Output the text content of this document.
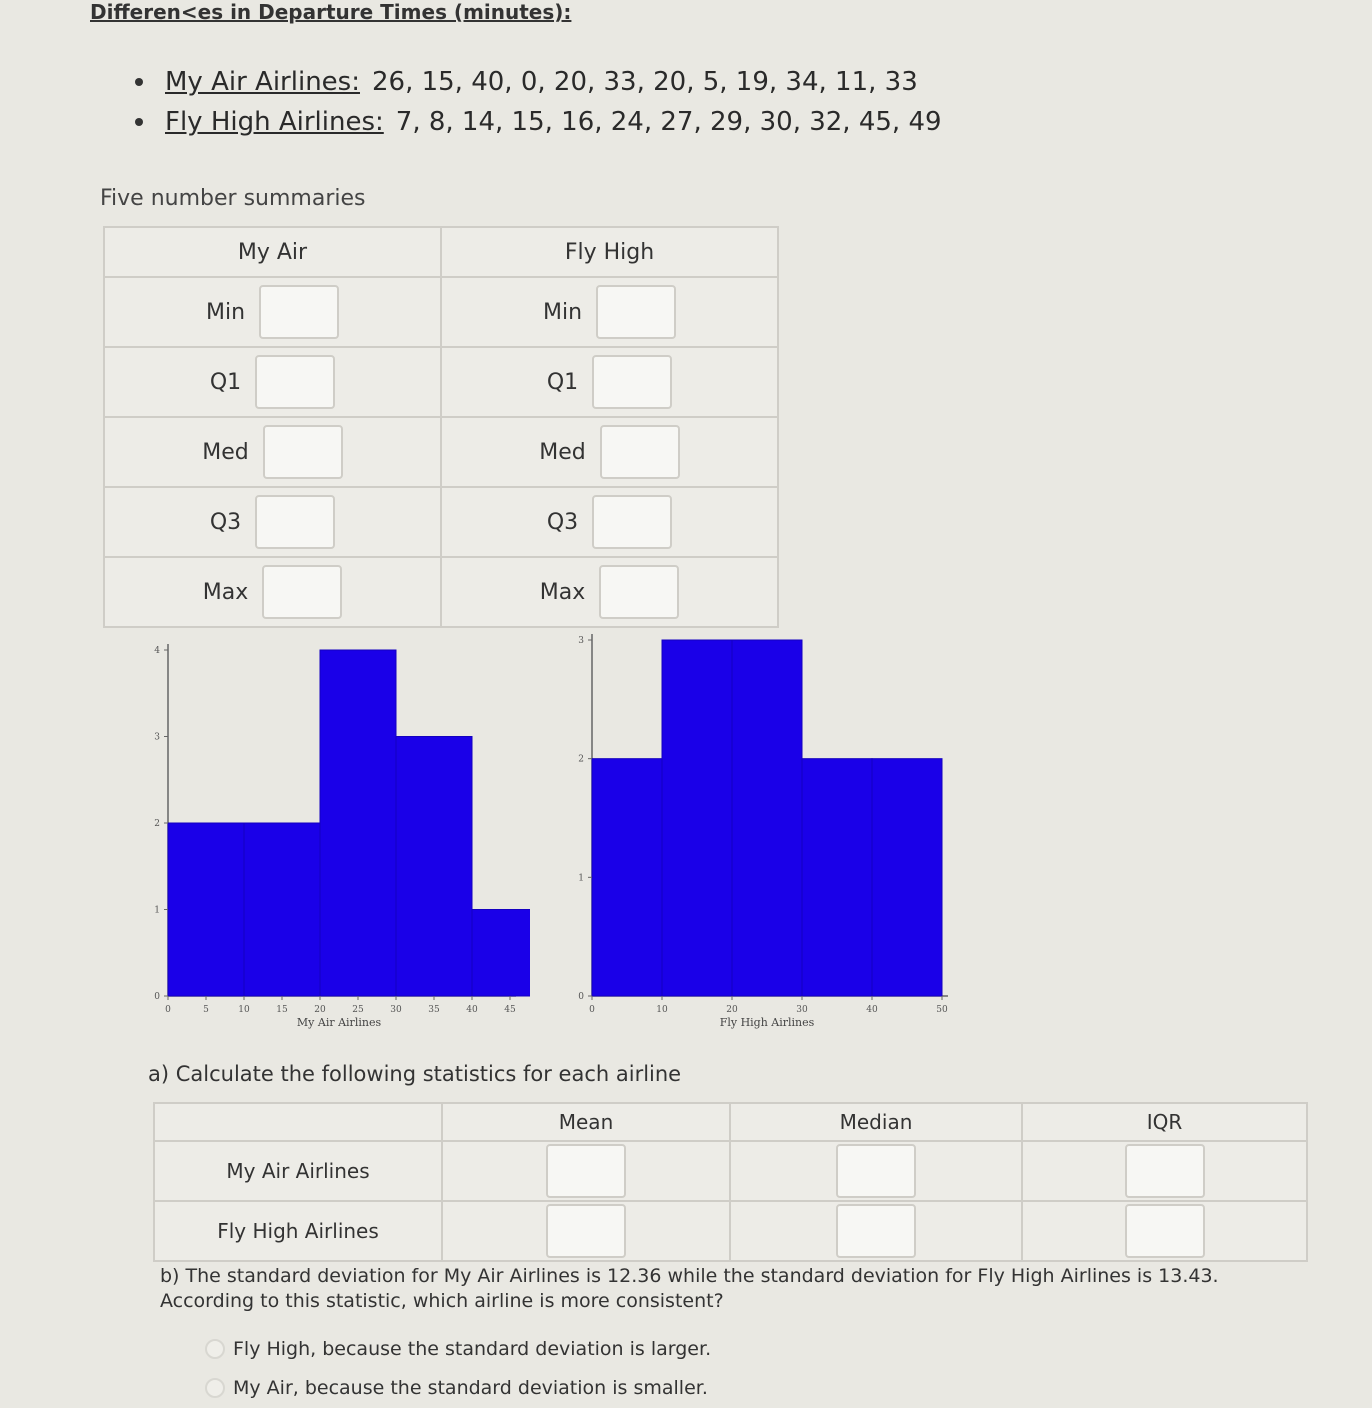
Differen<es in Departure Times (minutes):
My Air Airlines: 26, 15, 40, 0, 20, 33, 20, 5, 19, 34, 11, 33
Fly High Airlines: 7, 8, 14, 15, 16, 24, 27, 29, 30, 32, 45, 49
Five number summaries
My Air	Fly High

Min	Min

Q1	Q1

Med	Med

Q3	Q3

Max	Max
0
1
2
3
4
0	5	10	15	20	25	30	35	40	45
My Air Airlines
0
1
2
3
0	10	20	30	40	50
Fly High Airlines
a) Calculate the following statistics for each airline
	Mean	Median	IQR
My Air Airlines			
Fly High Airlines			
b) The standard deviation for My Air Airlines is 12.36 while the standard deviation for Fly High Airlines is 13.43. According to this statistic, which airline is more consistent?
Fly High, because the standard deviation is larger.
My Air, because the standard deviation is smaller.
